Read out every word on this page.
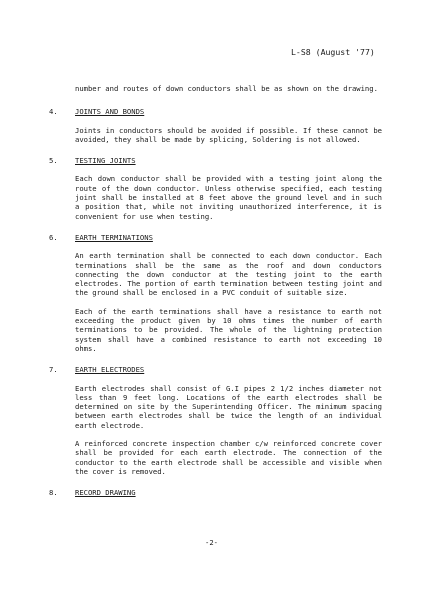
L-S8 (August '77)

number and routes of down conductors shall be as shown on the drawing.

4.	JOINTS AND BONDS

Joints in conductors should be avoided if possible. If these cannot be avoided, they shall be made by splicing, Soldering is not allowed.

5.	TESTING JOINTS

Each down conductor shall be provided with a testing joint along the route of the down conductor. Unless otherwise specified, each testing joint shall be installed at 8 feet above the ground level and in such a position that, while not inviting unauthorized interference, it is convenient for use when testing.

6.	EARTH TERMINATIONS

An earth termination shall be connected to each down conductor. Each terminations shall be the same as the roof and down conductors connecting the down conductor at the testing joint to the earth electrodes. The portion of earth termination between testing joint and the ground shall be enclosed in a PVC conduit of suitable size.

Each of the earth terminations shall have a resistance to earth not exceeding the product given by 10 ohms times the number of earth terminations to be provided. The whole of the lightning protection system shall have a combined resistance to earth not exceeding 10 ohms.

7.	EARTH ELECTRODES

Earth electrodes shall consist of G.I pipes 2 1/2 inches diameter not less than 9 feet long. Locations of the earth electrodes shall be determined on site by the Superintending Officer. The minimum spacing between earth electrodes shall be twice the length of an individual earth electrode.

A reinforced concrete inspection chamber c/w reinforced concrete cover shall be provided for each earth electrode. The connection of the conductor to the earth electrode shall be accessible and visible when the cover is removed.

8.	RECORD DRAWING
-2-
